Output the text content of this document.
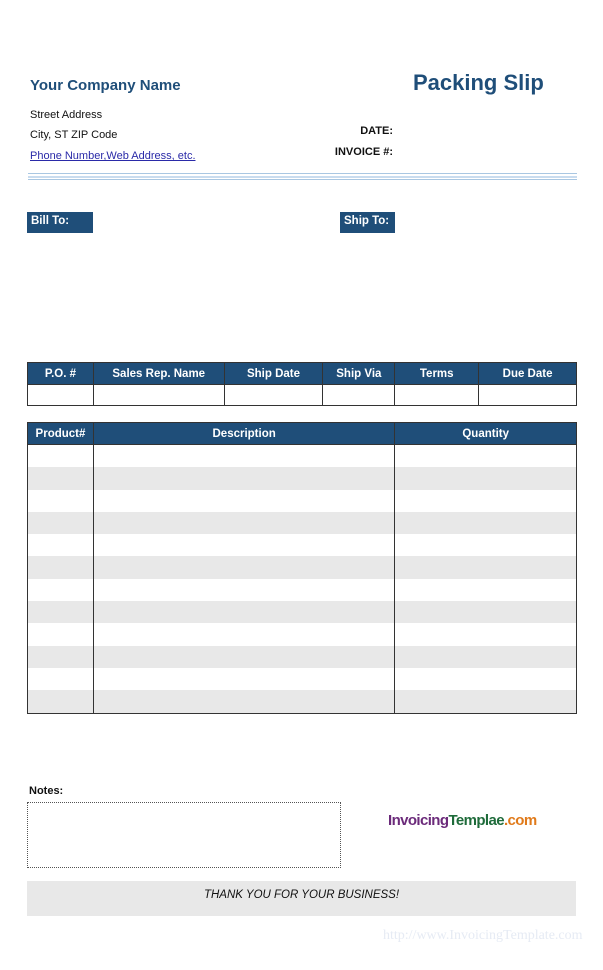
Your Company Name	Packing Slip
Street Address
City, ST ZIP Code
Phone Number,Web Address, etc.
DATE:
INVOICE #:
Bill To:	Ship To:
P.O. #	Sales Rep. Name	Ship Date	Ship Via	Terms	Due Date

Product#	Description	Quantity

Notes:
InvoicingTemplae.com
THANK YOU FOR YOUR BUSINESS!
http://www.InvoicingTemplate.com
